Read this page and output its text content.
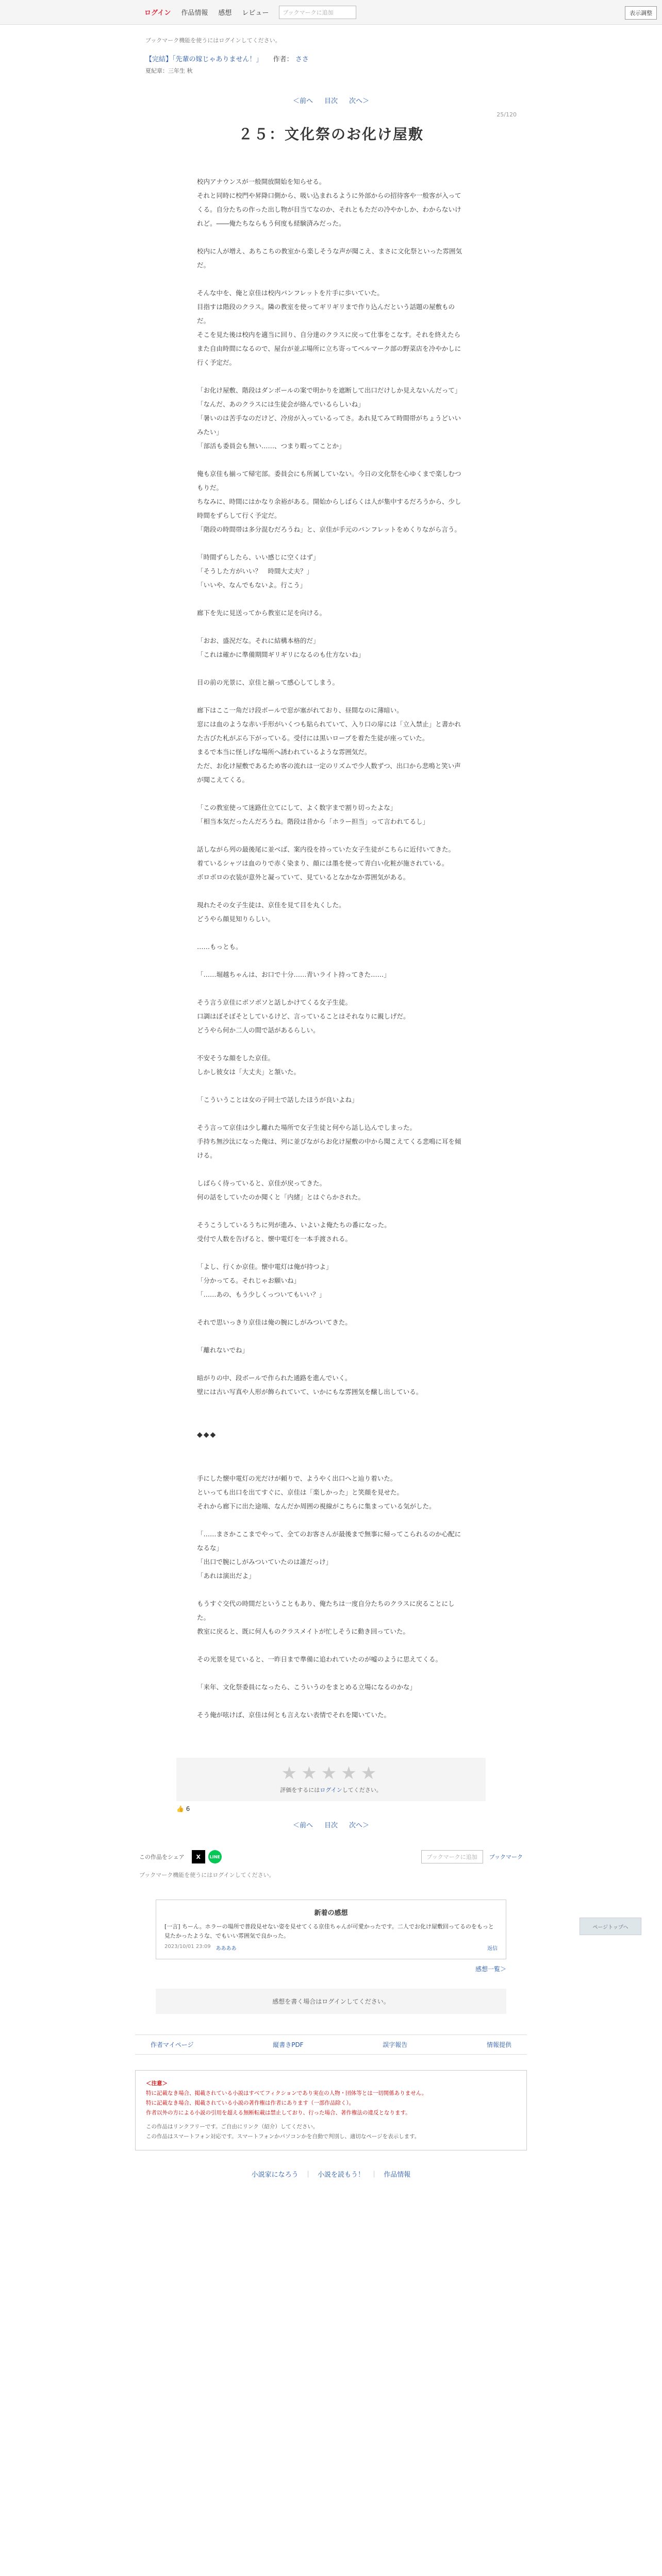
ログイン 作品情報 感想 レビュー	ブックマークに追加	表示調整
ブックマーク機能を使うにはログインしてください。
【完結】「先輩の嫁じゃありません！」 作者： ささ
夏紀章：三年生 秋
＜前へ 目次 次へ＞
25/120
２５：文化祭のお化け屋敷

校内アナウンスが一般開放開始を知らせる。

それと同時に校門や昇降口側から、吸い込まれるように外部からの招待客や一般客が入ってくる。自分たちの作った出し物が目当てなのか、それともただの冷やかしか、わからないけれど。――俺たちならもう何度も経験済みだった。

校内に人が増え、あちこちの教室から楽しそうな声が聞こえ、まさに文化祭といった雰囲気だ。

そんな中を、俺と京佳は校内パンフレットを片手に歩いていた。

目指すは階段のクラス。隣の教室を使ってギリギリまで作り込んだという話題の屋敷ものだ。

そこを見た後は校内を適当に回り、自分達のクラスに戻って仕事をこなす。それを終えたらまた自由時間になるので、屋台が並ぶ場所に立ち寄ってベルマーク部の野菜店を冷やかしに行く予定だ。

「お化け屋敷、階段はダンボールの案で明かりを遮断して出口だけしか見えないんだって」

「なんだ、あのクラスには生徒会が絡んでいるらしいね」

「暑いのは苦手なのだけど、冷房が入っているってさ。あれ見てみて時間帯がちょうどいいみたい」

「部活も委員会も無い……、つまり暇ってことか」

俺も京佳も揃って帰宅部。委員会にも所属していない。今日の文化祭を心ゆくまで楽しむつもりだ。

ちなみに、時間にはかなり余裕がある。開始からしばらくは人が集中するだろうから、少し時間をずらして行く予定だ。

「階段の時間帯は多分混むだろうね」と、京佳が手元のパンフレットをめくりながら言う。

「時間ずらしたら、いい感じに空くはず」

「そうした方がいい？　時間大丈夫？」

「いいや、なんでもないよ。行こう」

廊下を先に見送ってから教室に足を向ける。

「おお、盛況だな。それに結構本格的だ」

「これは確かに準備期間ギリギリになるのも仕方ないね」

目の前の光景に、京佳と揃って感心してしまう。

廊下はここ一角だけ段ボールで窓が塞がれており、昼間なのに薄暗い。

窓には血のような赤い手形がいくつも貼られていて、入り口の扉には「立入禁止」と書かれた古びた札がぶら下がっている。受付には黒いローブを着た生徒が座っていた。

まるで本当に怪しげな場所へ誘われているような雰囲気だ。

ただ、お化け屋敷であるため客の流れは一定のリズムで少人数ずつ、出口から悲鳴と笑い声が聞こえてくる。

「この教室使って迷路仕立てにして、よく数字まで割り切ったよな」

「相当本気だったんだろうね。階段は昔から「ホラー担当」って言われてるし」

話しながら列の最後尾に並べば、案内役を持っていた女子生徒がこちらに近付いてきた。

着ているシャツは血のりで赤く染まり、顔には墨を使って青白い化粧が施されている。

ボロボロの衣装が意外と凝っていて、見ているとなかなか雰囲気がある。

現れたその女子生徒は、京佳を見て目を丸くした。

どうやら顔見知りらしい。

……もっとも。

「……堀越ちゃんは、お口で十分……青いライト持ってきた……」

そう言う京佳にボソボソと話しかけてくる女子生徒。

口調はぼそぼそとしているけど、言っていることはそれなりに親しげだ。

どうやら何か二人の間で話があるらしい。

不安そうな顔をした京佳。

しかし彼女は「大丈夫」と頷いた。

「こういうことは女の子同士で話したほうが良いよね」

そう言って京佳は少し離れた場所で女子生徒と何やら話し込んでしまった。

手持ち無沙汰になった俺は、列に並びながらお化け屋敷の中から聞こえてくる悲鳴に耳を傾ける。

しばらく待っていると、京佳が戻ってきた。

何の話をしていたのか聞くと「内緒」とはぐらかされた。

そうこうしているうちに列が進み、いよいよ俺たちの番になった。

受付で人数を告げると、懐中電灯を一本手渡される。

「よし、行くか京佳。懐中電灯は俺が持つよ」

「分かってる。それじゃお願いね」

「……あの、もう少しくっついてもいい？」

それで思いっきり京佳は俺の腕にしがみついてきた。

「離れないでね」

暗がりの中、段ボールで作られた通路を進んでいく。

壁には古い写真や人形が飾られていて、いかにもな雰囲気を醸し出している。

◆◆◆

手にした懐中電灯の光だけが頼りで、ようやく出口へと辿り着いた。

といっても出口を出てすぐに、京佳は「楽しかった」と笑顔を見せた。

それから廊下に出た途端、なんだか周囲の視線がこちらに集まっている気がした。

「……まさかここまでやって、全てのお客さんが最後まで無事に帰ってこられるのか心配になるな」

「出口で腕にしがみついていたのは誰だっけ」

「あれは演出だよ」

もうすぐ交代の時間だということもあり、俺たちは一度自分たちのクラスに戻ることにした。

教室に戻ると、既に何人ものクラスメイトが忙しそうに動き回っていた。

その光景を見ていると、一昨日まで準備に追われていたのが嘘のように思えてくる。

「来年、文化祭委員になったら、こういうのをまとめる立場になるのかな」

そう俺が呟けば、京佳は何とも言えない表情でそれを聞いていた。

ページトップへ
★★★★★
評価をするにはログインしてください。
👍 6
＜前へ 目次 次へ＞
この作品をシェア	X	LINE	ブックマークに追加	ブックマーク
ブックマーク機能を使うにはログインしてください。
新着の感想
[一言] ちーん。ホラーの場所で普段見せない姿を見せてくる京佳ちゃんが可愛かったです。二人でお化け屋敷回ってるのをもっと見たかったような、でもいい雰囲気で良かった。
2023/10/01 23:09 ああああ	返信
感想一覧＞
感想を書く場合はログインしてください。
作者マイページ	縦書きPDF	誤字報告	情報提供
＜注意＞
特に記載なき場合、掲載されている小説はすべてフィクションであり実在の人物・団体等とは一切関係ありません。
特に記載なき場合、掲載されている小説の著作権は作者にあります（一部作品除く）。
作者以外の方による小説の引用を超える無断転載は禁止しており、行った場合、著作権法の違反となります。
この作品はリンクフリーです。ご自由にリンク（紹介）してください。
この作品はスマートフォン対応です。スマートフォンかパソコンかを自動で判別し、適切なページを表示します。
小説家になろう ｜ 小説を読もう！ ｜ 作品情報
